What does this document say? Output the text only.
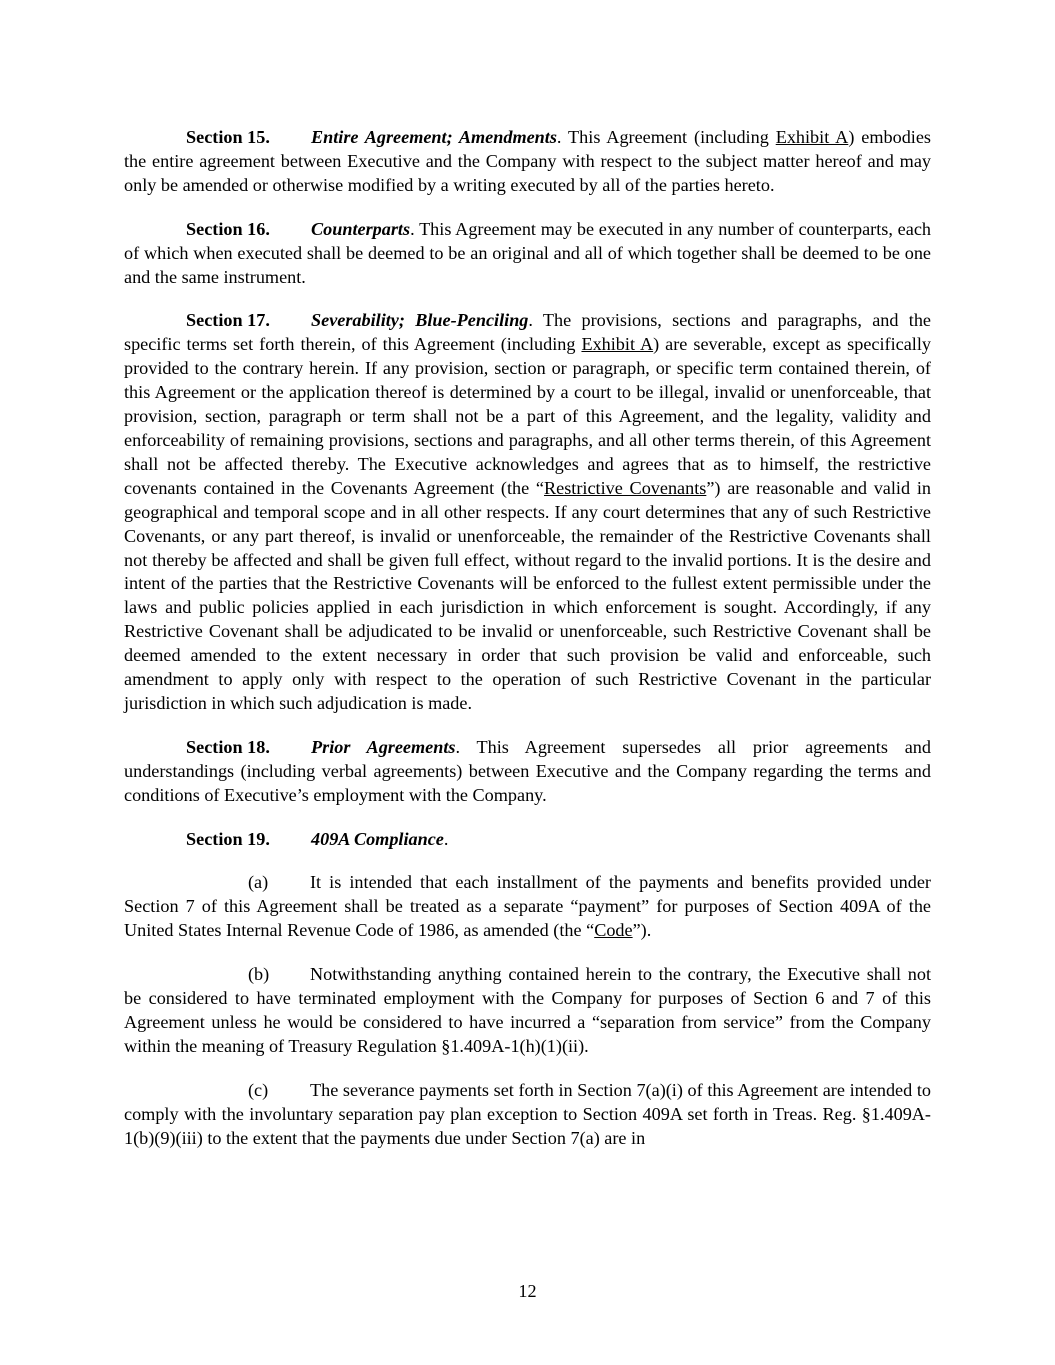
Section 15. Entire Agreement; Amendments. This Agreement (including Exhibit A) embodies the entire agreement between Executive and the Company with respect to the subject matter hereof and may only be amended or otherwise modified by a writing executed by all of the parties hereto.

Section 16. Counterparts. This Agreement may be executed in any number of counterparts, each of which when executed shall be deemed to be an original and all of which together shall be deemed to be one and the same instrument.

Section 17. Severability; Blue-Penciling. The provisions, sections and paragraphs, and the specific terms set forth therein, of this Agreement (including Exhibit A) are severable, except as specifically provided to the contrary herein. If any provision, section or paragraph, or specific term contained therein, of this Agreement or the application thereof is determined by a court to be illegal, invalid or unenforceable, that provision, section, paragraph or term shall not be a part of this Agreement, and the legality, validity and enforceability of remaining provisions, sections and paragraphs, and all other terms therein, of this Agreement shall not be affected thereby. The Executive acknowledges and agrees that as to himself, the restrictive covenants contained in the Covenants Agreement (the “Restrictive Covenants”) are reasonable and valid in geographical and temporal scope and in all other respects. If any court determines that any of such Restrictive Covenants, or any part thereof, is invalid or unenforceable, the remainder of the Restrictive Covenants shall not thereby be affected and shall be given full effect, without regard to the invalid portions. It is the desire and intent of the parties that the Restrictive Covenants will be enforced to the fullest extent permissible under the laws and public policies applied in each jurisdiction in which enforcement is sought. Accordingly, if any Restrictive Covenant shall be adjudicated to be invalid or unenforceable, such Restrictive Covenant shall be deemed amended to the extent necessary in order that such provision be valid and enforceable, such amendment to apply only with respect to the operation of such Restrictive Covenant in the particular jurisdiction in which such adjudication is made.

Section 18. Prior Agreements. This Agreement supersedes all prior agreements and understandings (including verbal agreements) between Executive and the Company regarding the terms and conditions of Executive’s employment with the Company.

Section 19. 409A Compliance.

(a) It is intended that each installment of the payments and benefits provided under Section 7 of this Agreement shall be treated as a separate “payment” for purposes of Section 409A of the United States Internal Revenue Code of 1986, as amended (the “Code”).

(b) Notwithstanding anything contained herein to the contrary, the Executive shall not be considered to have terminated employment with the Company for purposes of Section 6 and 7 of this Agreement unless he would be considered to have incurred a “separation from service” from the Company within the meaning of Treasury Regulation §1.409A-1(h)(1)(ii).

(c) The severance payments set forth in Section 7(a)(i) of this Agreement are intended to comply with the involuntary separation pay plan exception to Section 409A set forth in Treas. Reg. §1.409A-1(b)(9)(iii) to the extent that the payments due under Section 7(a) are in

12
